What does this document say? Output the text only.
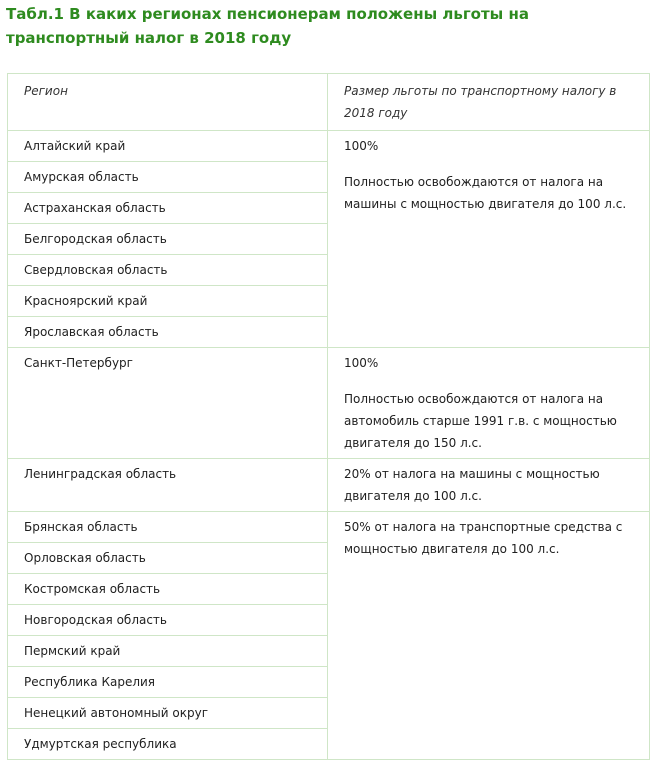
Табл.1 В каких регионах пенсионерам положены льготы на транспортный налог в 2018 году
Регион	Размер льготы по транспортному налогу в 2018 году
Алтайский край	100%
Полностью освобождаются от налога на машины с мощностью двигателя до 100 л.с.
Амурская область	
Астраханская область	
Белгородская область	
Свердловская область	
Красноярский край	
Ярославская область	
Санкт-Петербург	100%
Полностью освобождаются от налога на автомобиль старше 1991 г.в. с мощностью двигателя до 150 л.с.
Ленинградская область	20% от налога на машины с мощностью двигателя до 100 л.с.
Брянская область	50% от налога на транспортные средства с мощностью двигателя до 100 л.с.
Орловская область	
Костромская область	
Новгородская область	
Пермский край	
Республика Карелия	
Ненецкий автономный округ	
Удмуртская республика	
